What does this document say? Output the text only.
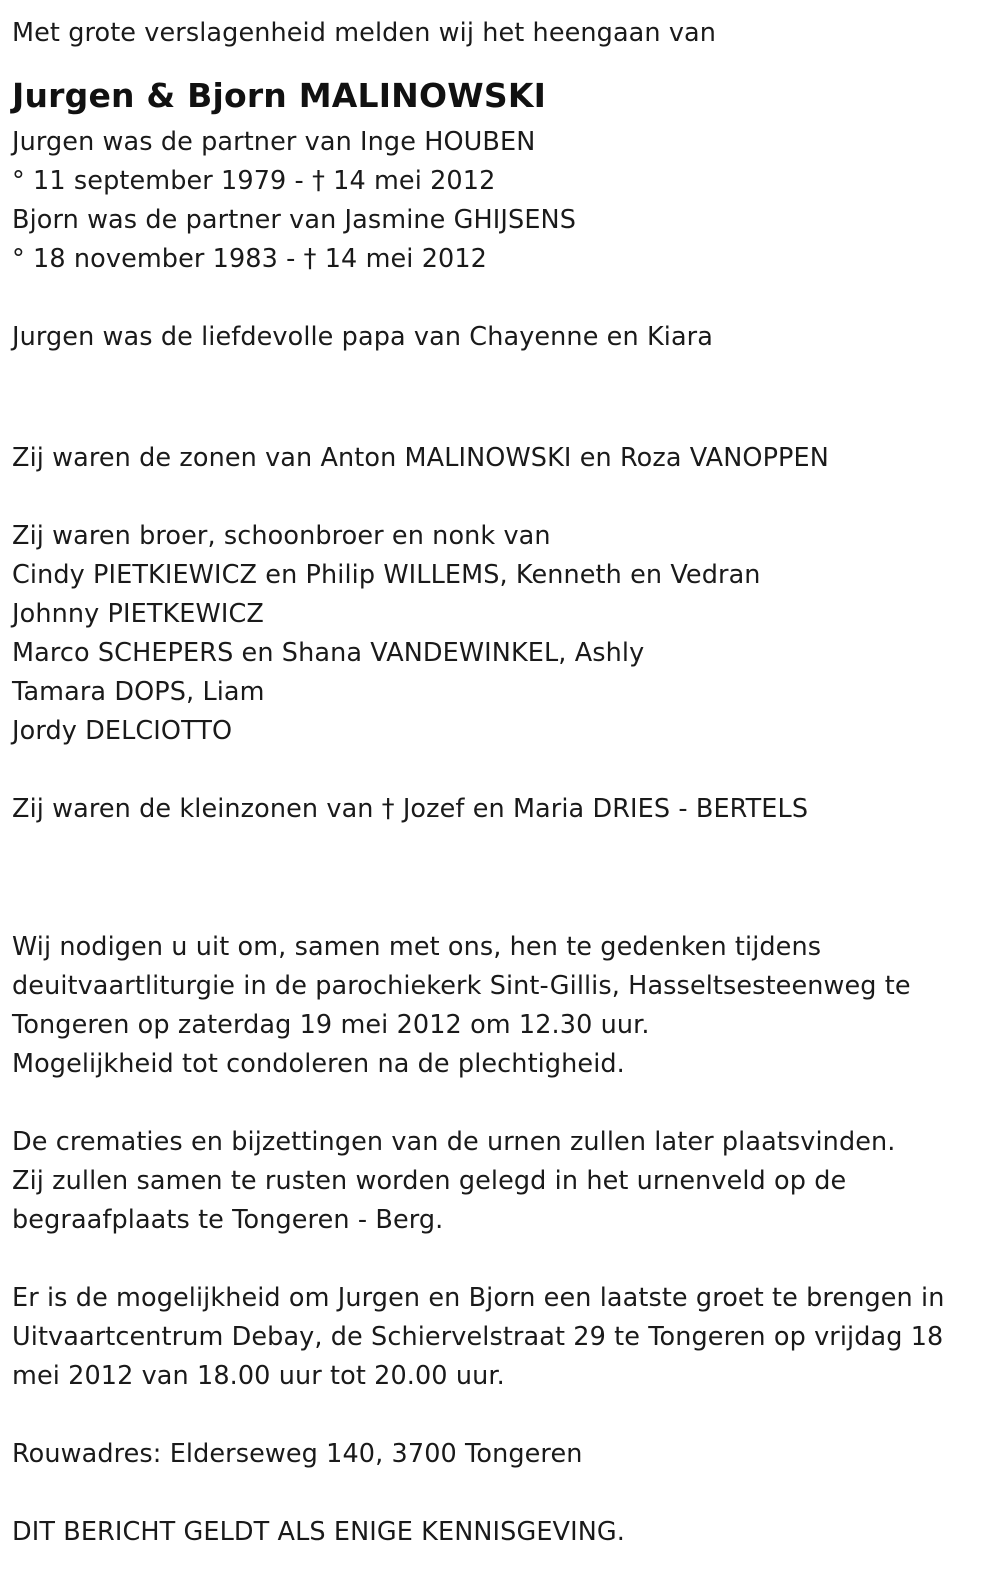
Met grote verslagenheid melden wij het heengaan van
Jurgen & Bjorn MALINOWSKI
Jurgen was de partner van Inge HOUBEN
° 11 september 1979 - † 14 mei 2012
Bjorn was de partner van Jasmine GHIJSENS
° 18 november 1983 - † 14 mei 2012
Jurgen was de liefdevolle papa van Chayenne en Kiara
Zij waren de zonen van Anton MALINOWSKI en Roza VANOPPEN
Zij waren broer, schoonbroer en nonk van
Cindy PIETKIEWICZ en Philip WILLEMS, Kenneth en Vedran
Johnny PIETKEWICZ
Marco SCHEPERS en Shana VANDEWINKEL, Ashly
Tamara DOPS, Liam
Jordy DELCIOTTO
Zij waren de kleinzonen van † Jozef en Maria DRIES - BERTELS
Wij nodigen u uit om, samen met ons, hen te gedenken tijdens
deuitvaartliturgie in de parochiekerk Sint-Gillis, Hasseltsesteenweg te
Tongeren op zaterdag 19 mei 2012 om 12.30 uur.
Mogelijkheid tot condoleren na de plechtigheid.
De crematies en bijzettingen van de urnen zullen later plaatsvinden.
Zij zullen samen te rusten worden gelegd in het urnenveld op de
begraafplaats te Tongeren - Berg.
Er is de mogelijkheid om Jurgen en Bjorn een laatste groet te brengen in
Uitvaartcentrum Debay, de Schiervelstraat 29 te Tongeren op vrijdag 18
mei 2012 van 18.00 uur tot 20.00 uur.
Rouwadres: Elderseweg 140, 3700 Tongeren
DIT BERICHT GELDT ALS ENIGE KENNISGEVING.
